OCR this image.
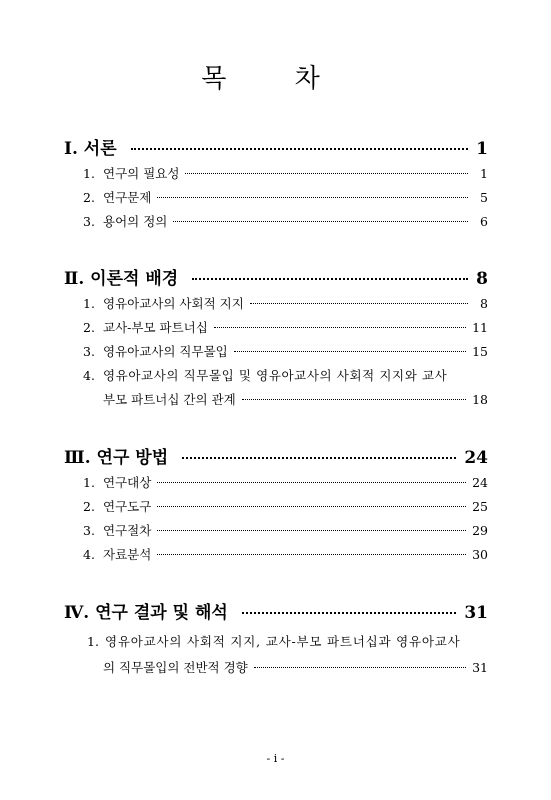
목 차
Ⅰ. 서론	1
1. 연구의 필요성	1
2. 연구문제	5
3. 용어의 정의	6
Ⅱ. 이론적 배경	8
1. 영유아교사의 사회적 지지	8
2. 교사-부모 파트너십	11
3. 영유아교사의 직무몰입	15
4. 영유아교사의 직무몰입 및 영유아교사의 사회적 지지와 교사
부모 파트너십 간의 관계	18
Ⅲ. 연구 방법	24
1. 연구대상	24
2. 연구도구	25
3. 연구절차	29
4. 자료분석	30
Ⅳ. 연구 결과 및 해석	31
1. 영유아교사의 사회적 지지, 교사-부모 파트너십과 영유아교사
의 직무몰입의 전반적 경향	31
- i -
